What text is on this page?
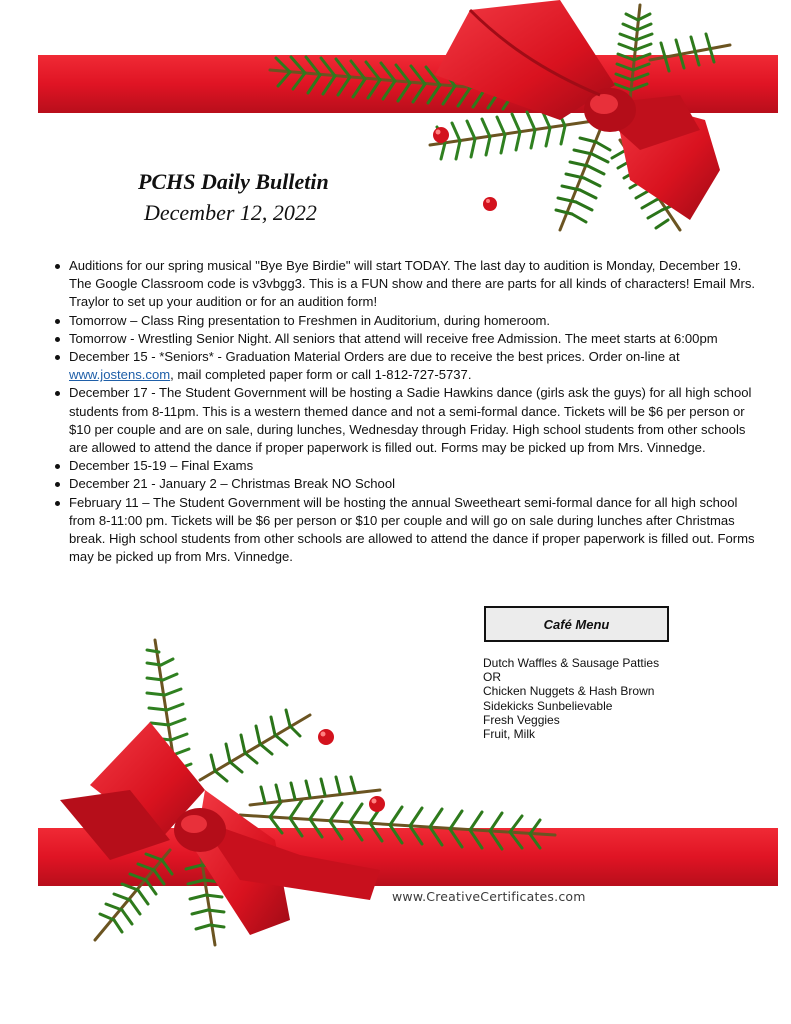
PCHS Daily Bulletin

December 12, 2022

Auditions for our spring musical "Bye Bye Birdie" will start TODAY. The last day to audition is Monday, December 19. The Google Classroom code is v3vbgg3. This is a FUN show and there are parts for all kinds of characters! Email Mrs. Traylor to set up your audition or for an audition form!
Tomorrow – Class Ring presentation to Freshmen in Auditorium, during homeroom.
Tomorrow - Wrestling Senior Night. All seniors that attend will receive free Admission. The meet starts at 6:00pm
December 15 - *Seniors* - Graduation Material Orders are due to receive the best prices. Order on-line at www.jostens.com, mail completed paper form or call 1-812-727-5737.
December 17 - The Student Government will be hosting a Sadie Hawkins dance (girls ask the guys) for all high school students from 8-11pm. This is a western themed dance and not a semi-formal dance. Tickets will be $6 per person or $10 per couple and are on sale, during lunches, Wednesday through Friday. High school students from other schools are allowed to attend the dance if proper paperwork is filled out. Forms may be picked up from Mrs. Vinnedge.
December 15-19 – Final Exams
December 21 - January 2 – Christmas Break NO School
February 11 – The Student Government will be hosting the annual Sweetheart semi-formal dance for all high school from 8-11:00 pm. Tickets will be $6 per person or $10 per couple and will go on sale during lunches after Christmas break. High school students from other schools are allowed to attend the dance if proper paperwork is filled out. Forms may be picked up from Mrs. Vinnedge.
Café Menu
Dutch Waffles & Sausage Patties
OR
Chicken Nuggets & Hash Brown
Sidekicks Sunbelievable
Fresh Veggies
Fruit, Milk
www.CreativeCertificates.com
